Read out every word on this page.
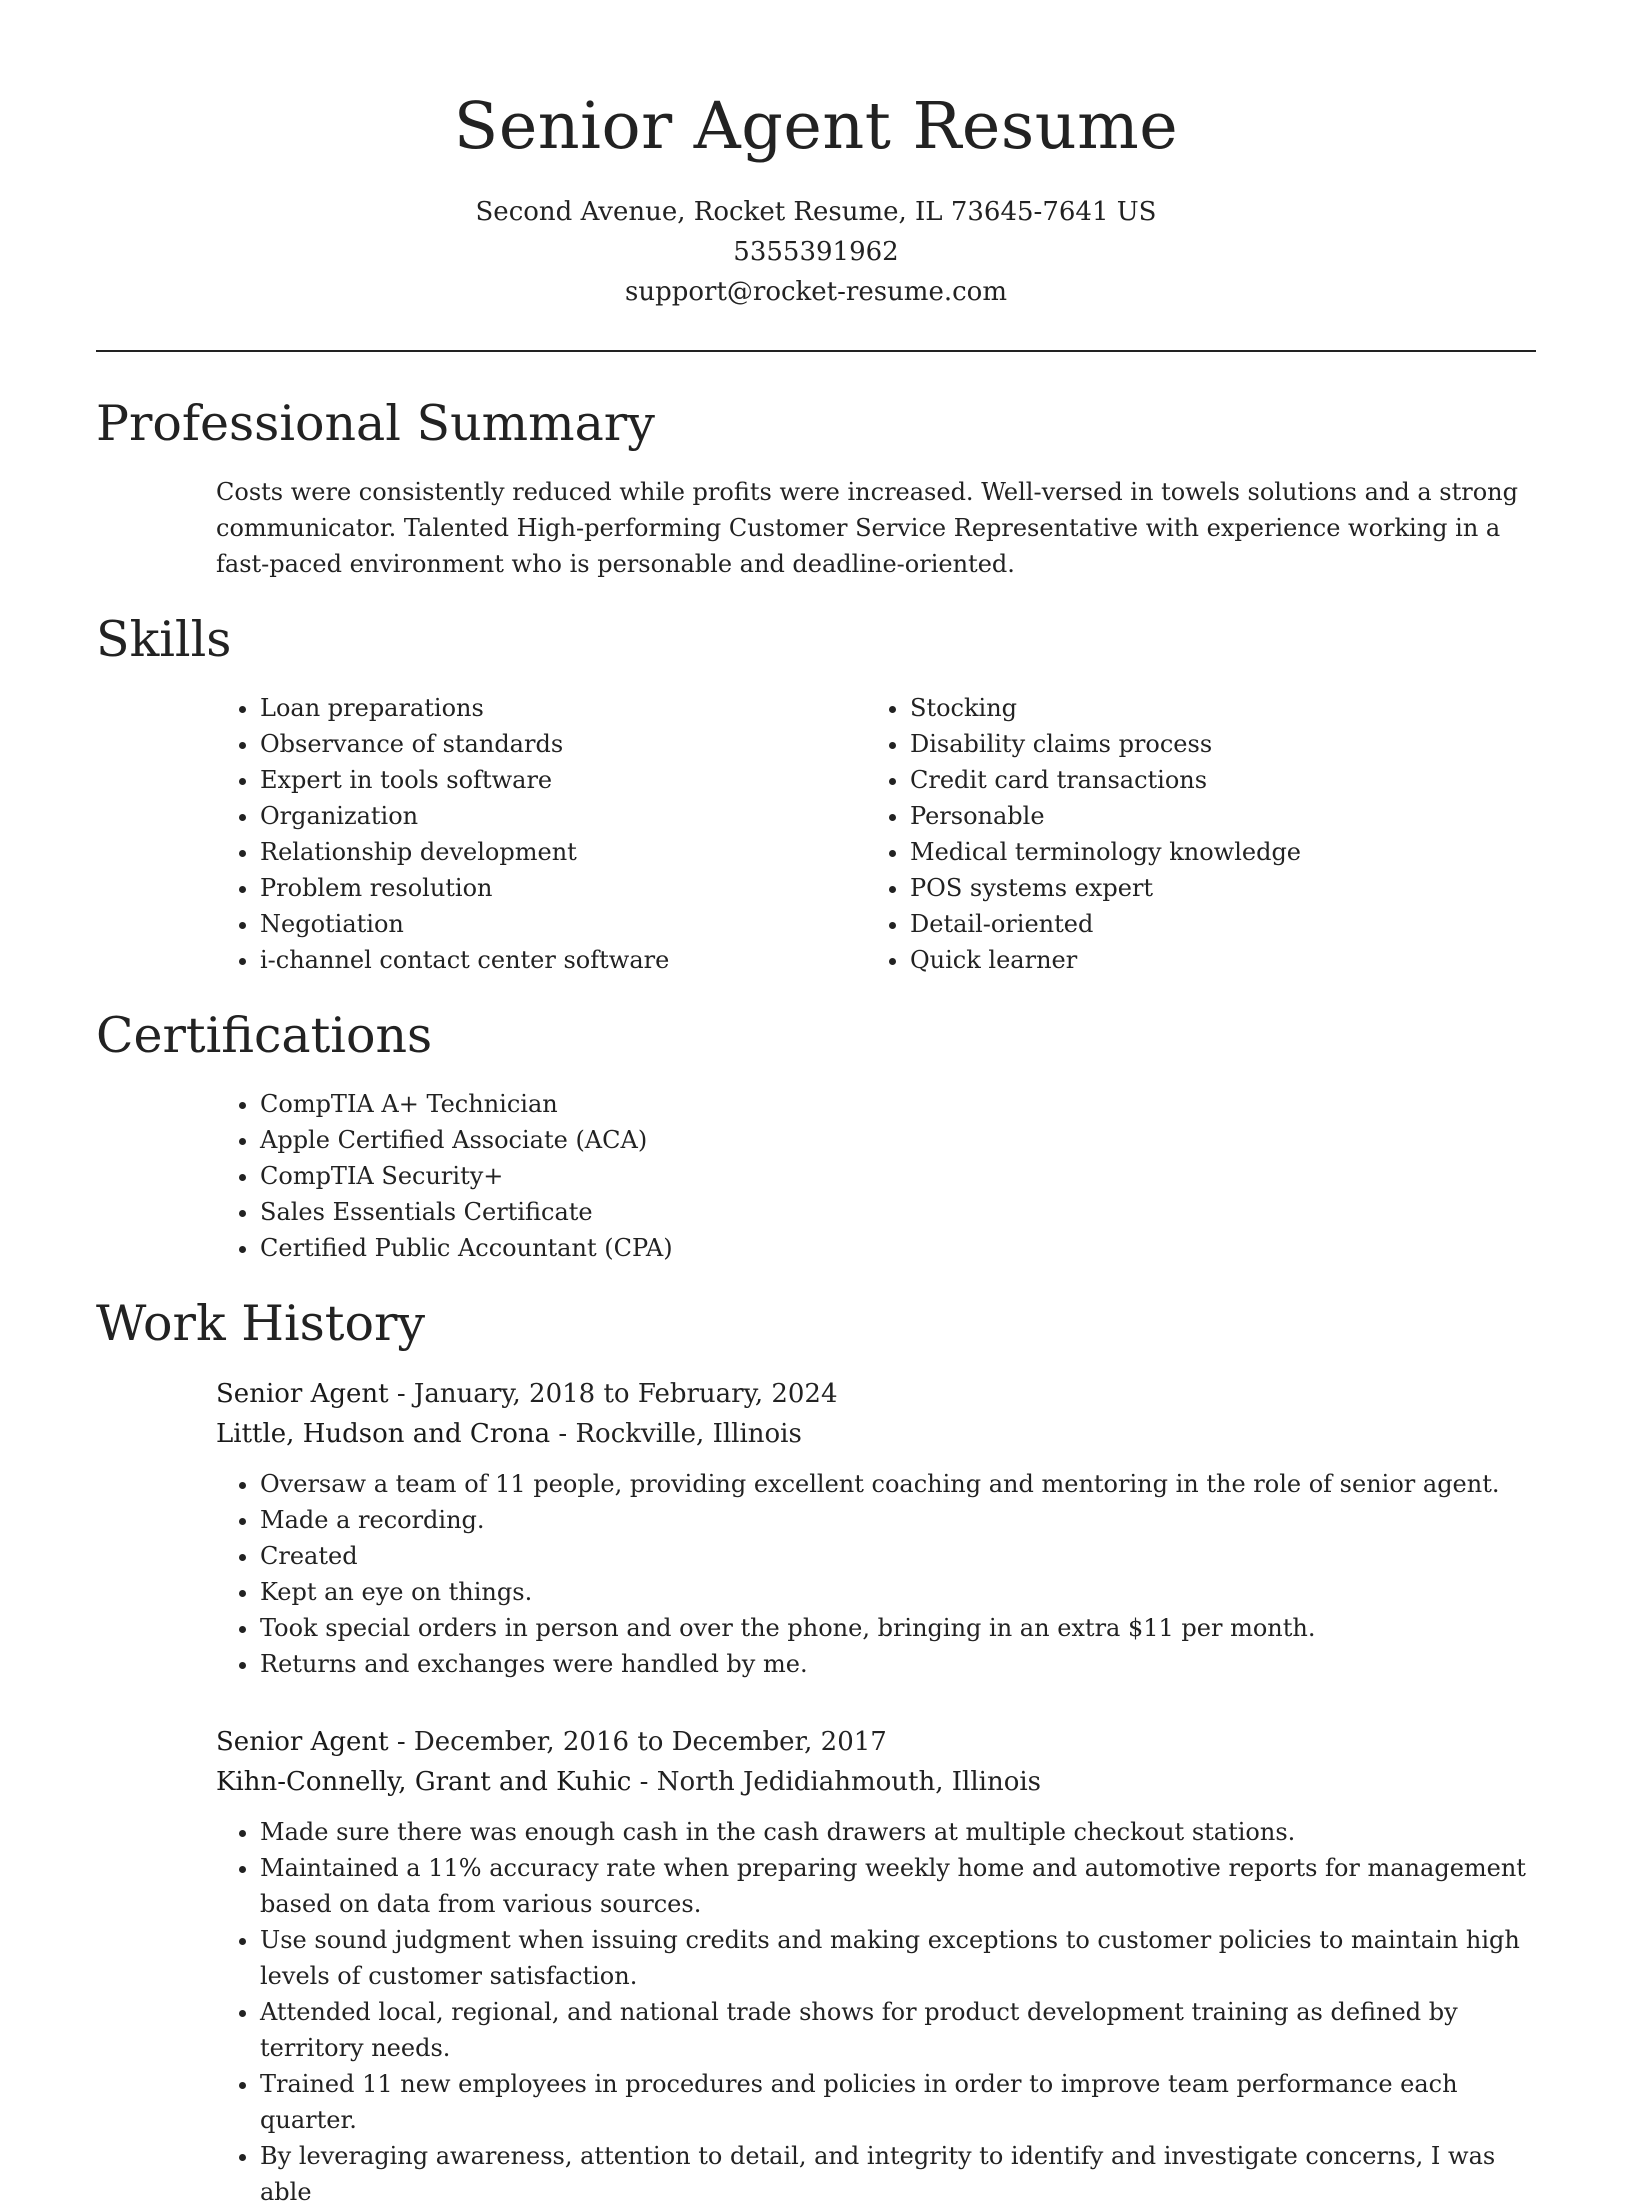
Senior Agent Resume
Second Avenue, Rocket Resume, IL 73645-7641 US
5355391962
support@rocket-resume.com
Professional Summary

Costs were consistently reduced while profits were increased. Well-versed in towels solutions and a strong communicator. Talented High-performing Customer Service Representative with experience working in a fast-paced environment who is personable and deadline-oriented.

Skills
• Loan preparations
• Observance of standards
• Expert in tools software
• Organization
• Relationship development
• Problem resolution
• Negotiation
• i-channel contact center software
• Stocking
• Disability claims process
• Credit card transactions
• Personable
• Medical terminology knowledge
• POS systems expert
• Detail-oriented
• Quick learner
Certifications
• CompTIA A+ Technician
• Apple Certified Associate (ACA)
• CompTIA Security+
• Sales Essentials Certificate
• Certified Public Accountant (CPA)
Work History
Senior Agent - January, 2018 to February, 2024
Little, Hudson and Crona - Rockville, Illinois
• Oversaw a team of 11 people, providing excellent coaching and mentoring in the role of senior agent.
• Made a recording.
• Created
• Kept an eye on things.
• Took special orders in person and over the phone, bringing in an extra $11 per month.
• Returns and exchanges were handled by me.
Senior Agent - December, 2016 to December, 2017
Kihn-Connelly, Grant and Kuhic - North Jedidiahmouth, Illinois
• Made sure there was enough cash in the cash drawers at multiple checkout stations.
• Maintained a 11% accuracy rate when preparing weekly home and automotive reports for management based on data from various sources.
• Use sound judgment when issuing credits and making exceptions to customer policies to maintain high levels of customer satisfaction.
• Attended local, regional, and national trade shows for product development training as defined by territory needs.
• Trained 11 new employees in procedures and policies in order to improve team performance each quarter.
• By leveraging awareness, attention to detail, and integrity to identify and investigate concerns, I was able
